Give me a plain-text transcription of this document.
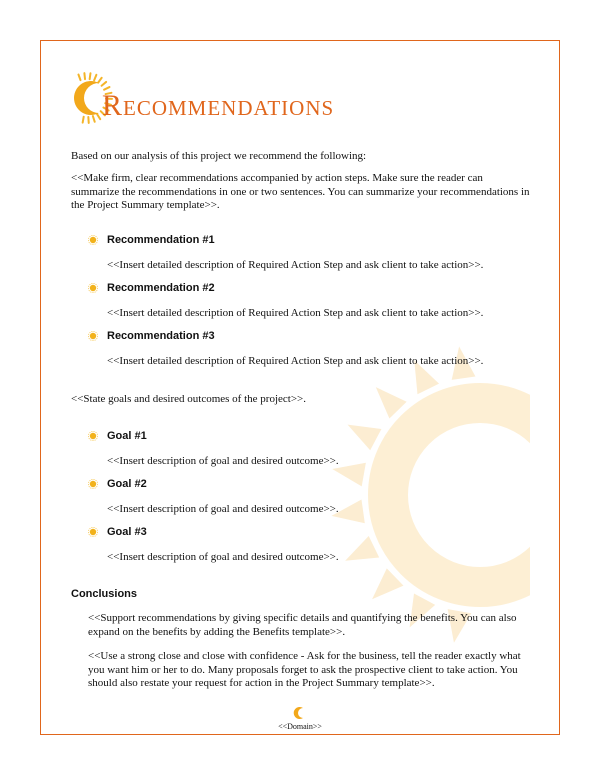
Recommendations
Based on our analysis of this project we recommend the following:
<<Make firm, clear recommendations accompanied by action steps. Make sure the reader can summarize the recommendations in one or two sentences. You can summarize your recommendations in the Project Summary template>>.
Recommendation #1
<<Insert detailed description of Required Action Step and ask client to take action>>.
Recommendation #2
<<Insert detailed description of Required Action Step and ask client to take action>>.
Recommendation #3
<<Insert detailed description of Required Action Step and ask client to take action>>.
<<State goals and desired outcomes of the project>>.
Goal #1
<<Insert description of goal and desired outcome>>.
Goal #2
<<Insert description of goal and desired outcome>>.
Goal #3
<<Insert description of goal and desired outcome>>.
Conclusions
<<Support recommendations by giving specific details and quantifying the benefits. You can also expand on the benefits by adding the Benefits template>>.
<<Use a strong close and close with confidence - Ask for the business, tell the reader exactly what you want him or her to do. Many proposals forget to ask the prospective client to take action. You should also restate your request for action in the Project Summary template>>.
<<Domain>>
